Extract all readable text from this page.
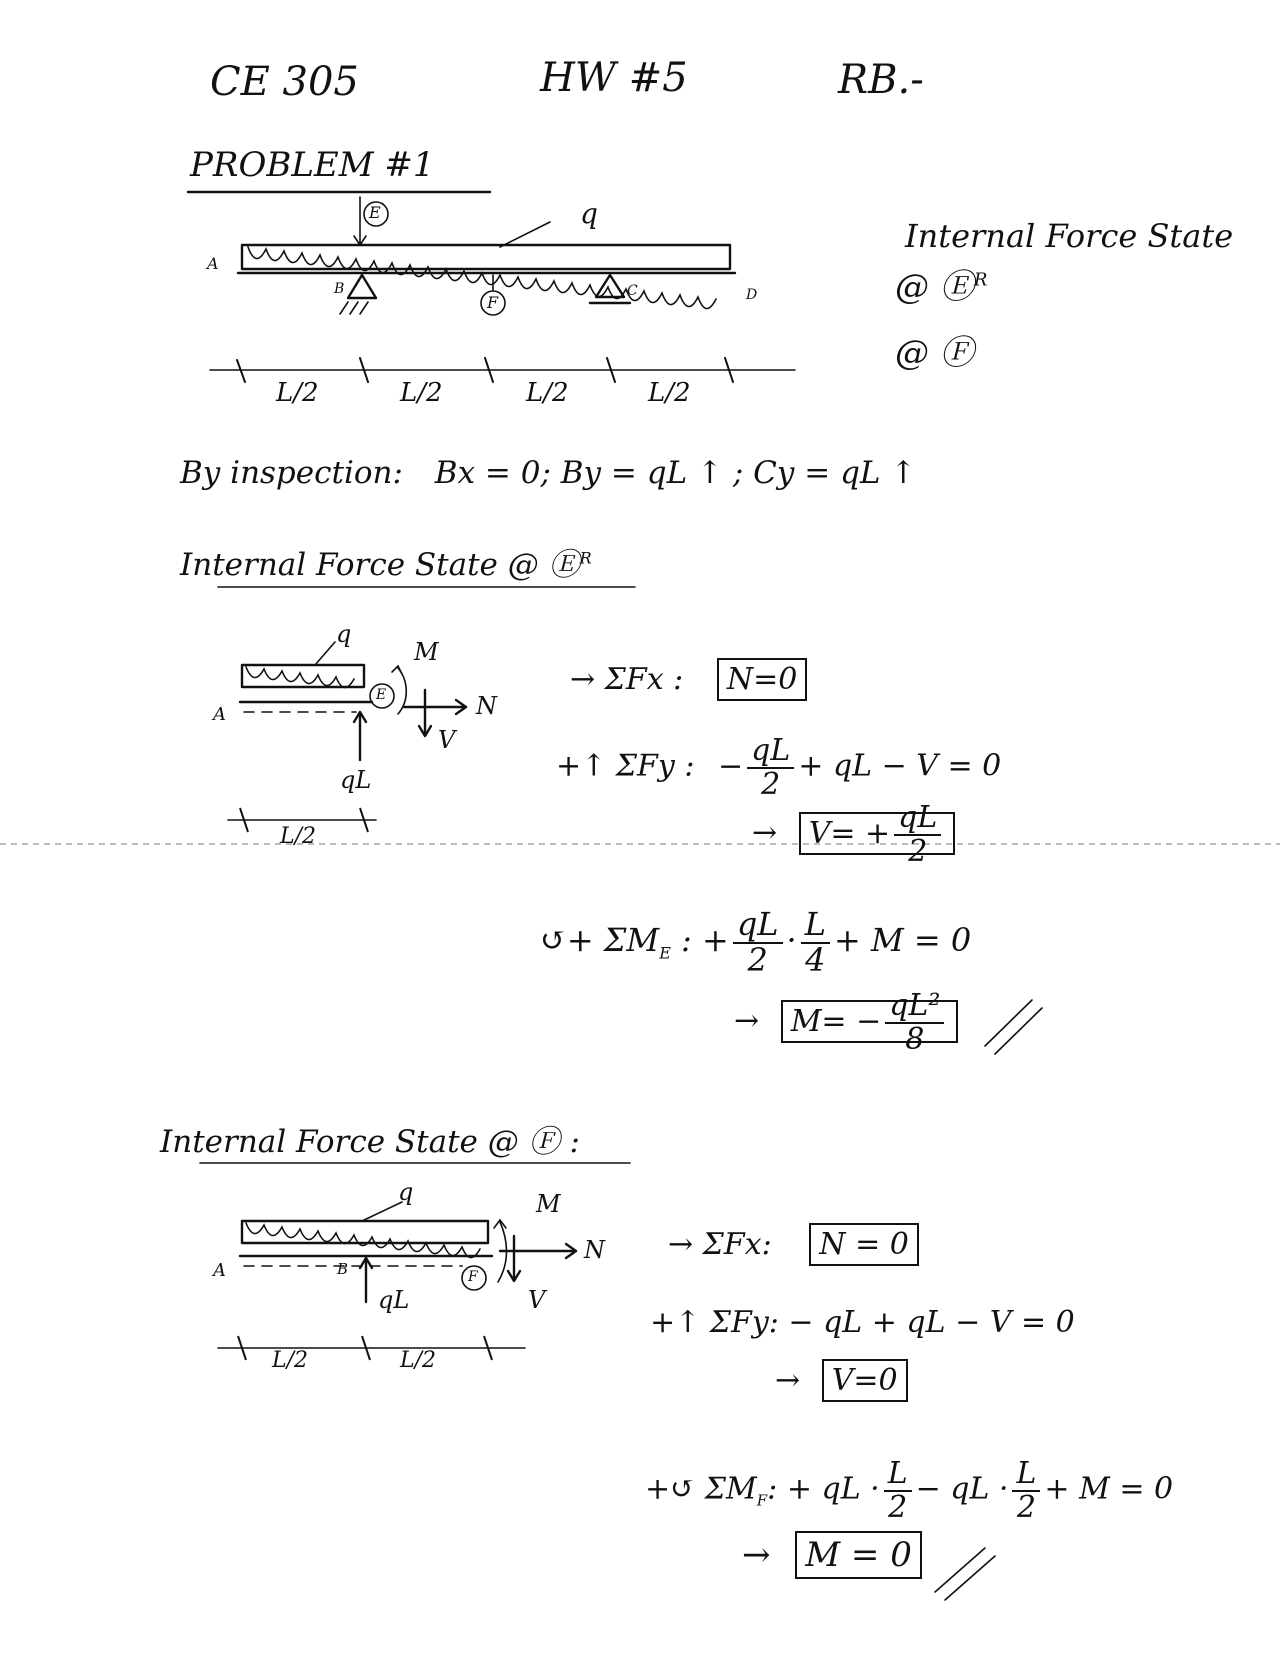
CE 305	HW #5	RB.-
PROBLEM #1
A
B	C	D
E
F
q
L/2	L/2	L/2	L/2
Internal Force State
@ Ⓔ$^R$
@ Ⓕ
By inspection: Bx = 0; By = qL ↑ ; Cy = qL ↑
Internal Force State @ Ⓔ$^R$
q
M
N
V
A
E
qL
L/2
→ ΣFx : N=0
+↑ ΣFy : − $\frac{qL}{2}$ + qL − V = 0
→ $V= + \frac{qL}{2}$
↺+ $\Sigma M_E$ : + $\frac{qL}{2} \cdot \frac{L}{4} + M = 0$
→ $M= - \frac{\text{qL²}}{8}$
Internal Force State @ Ⓕ :
q	M
N
V
A	B	F
qL
L/2	L/2
→ ΣFx: N = 0
+↑ ΣFy: − qL + qL − V = 0
→ V=0
+↺ $\Sigma M_F$: + qL · $\frac{L}{2}$ − qL · $\frac{L}{2} + M = 0$
→ M = 0
